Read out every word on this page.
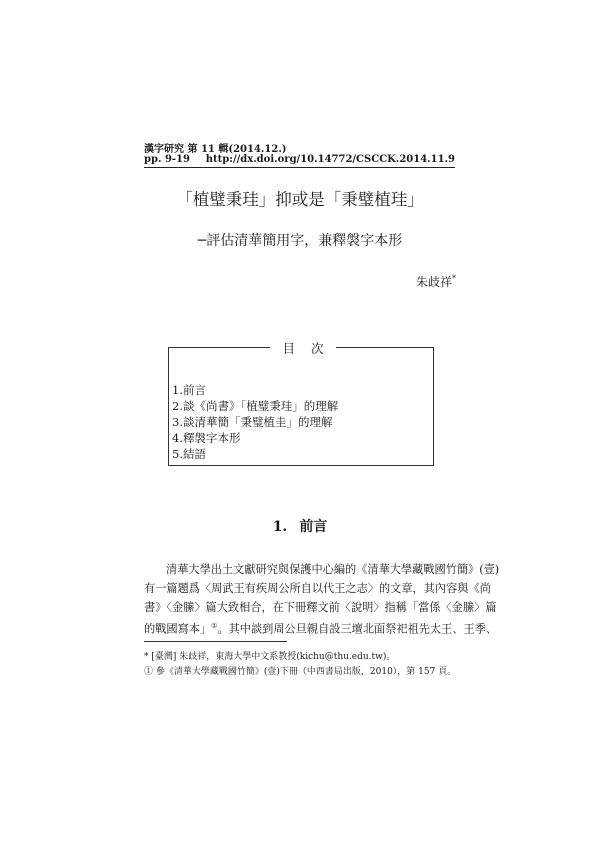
漢字研究 第 11 輯(2014.12.)
pp. 9-19 http://dx.doi.org/10.14772/CSCCK.2014.11.9
「植璧秉珪」抑或是「秉璧植珪」
─評估清華簡用字，兼釋褩字本形
朱歧祥*
目 次
1. 前言
2. 談《尚書》「植璧秉珪」的理解
3. 談清華簡「秉璧植圭」的理解
4. 釋褩字本形
5. 結語
1. 前言
清華大學出土文獻研究與保護中心編的《清華大學藏戰國竹簡》(壹)
有一篇題爲〈周武王有疾周公所自以代王之志〉的文章，其內容與《尚
書》〈金縢〉篇大致相合，在下冊釋文前〈說明〉指稱「當係〈金縢〉篇
的戰國寫本」①。其中談到周公旦親自設三壇北面祭祀祖先太王、王季、
* [臺灣] 朱歧祥，東海大學中文系教授(kichu@thu.edu.tw)。
① 參《清華大學藏戰國竹簡》(壹)下冊（中西書局出版，2010），第 157 頁。
